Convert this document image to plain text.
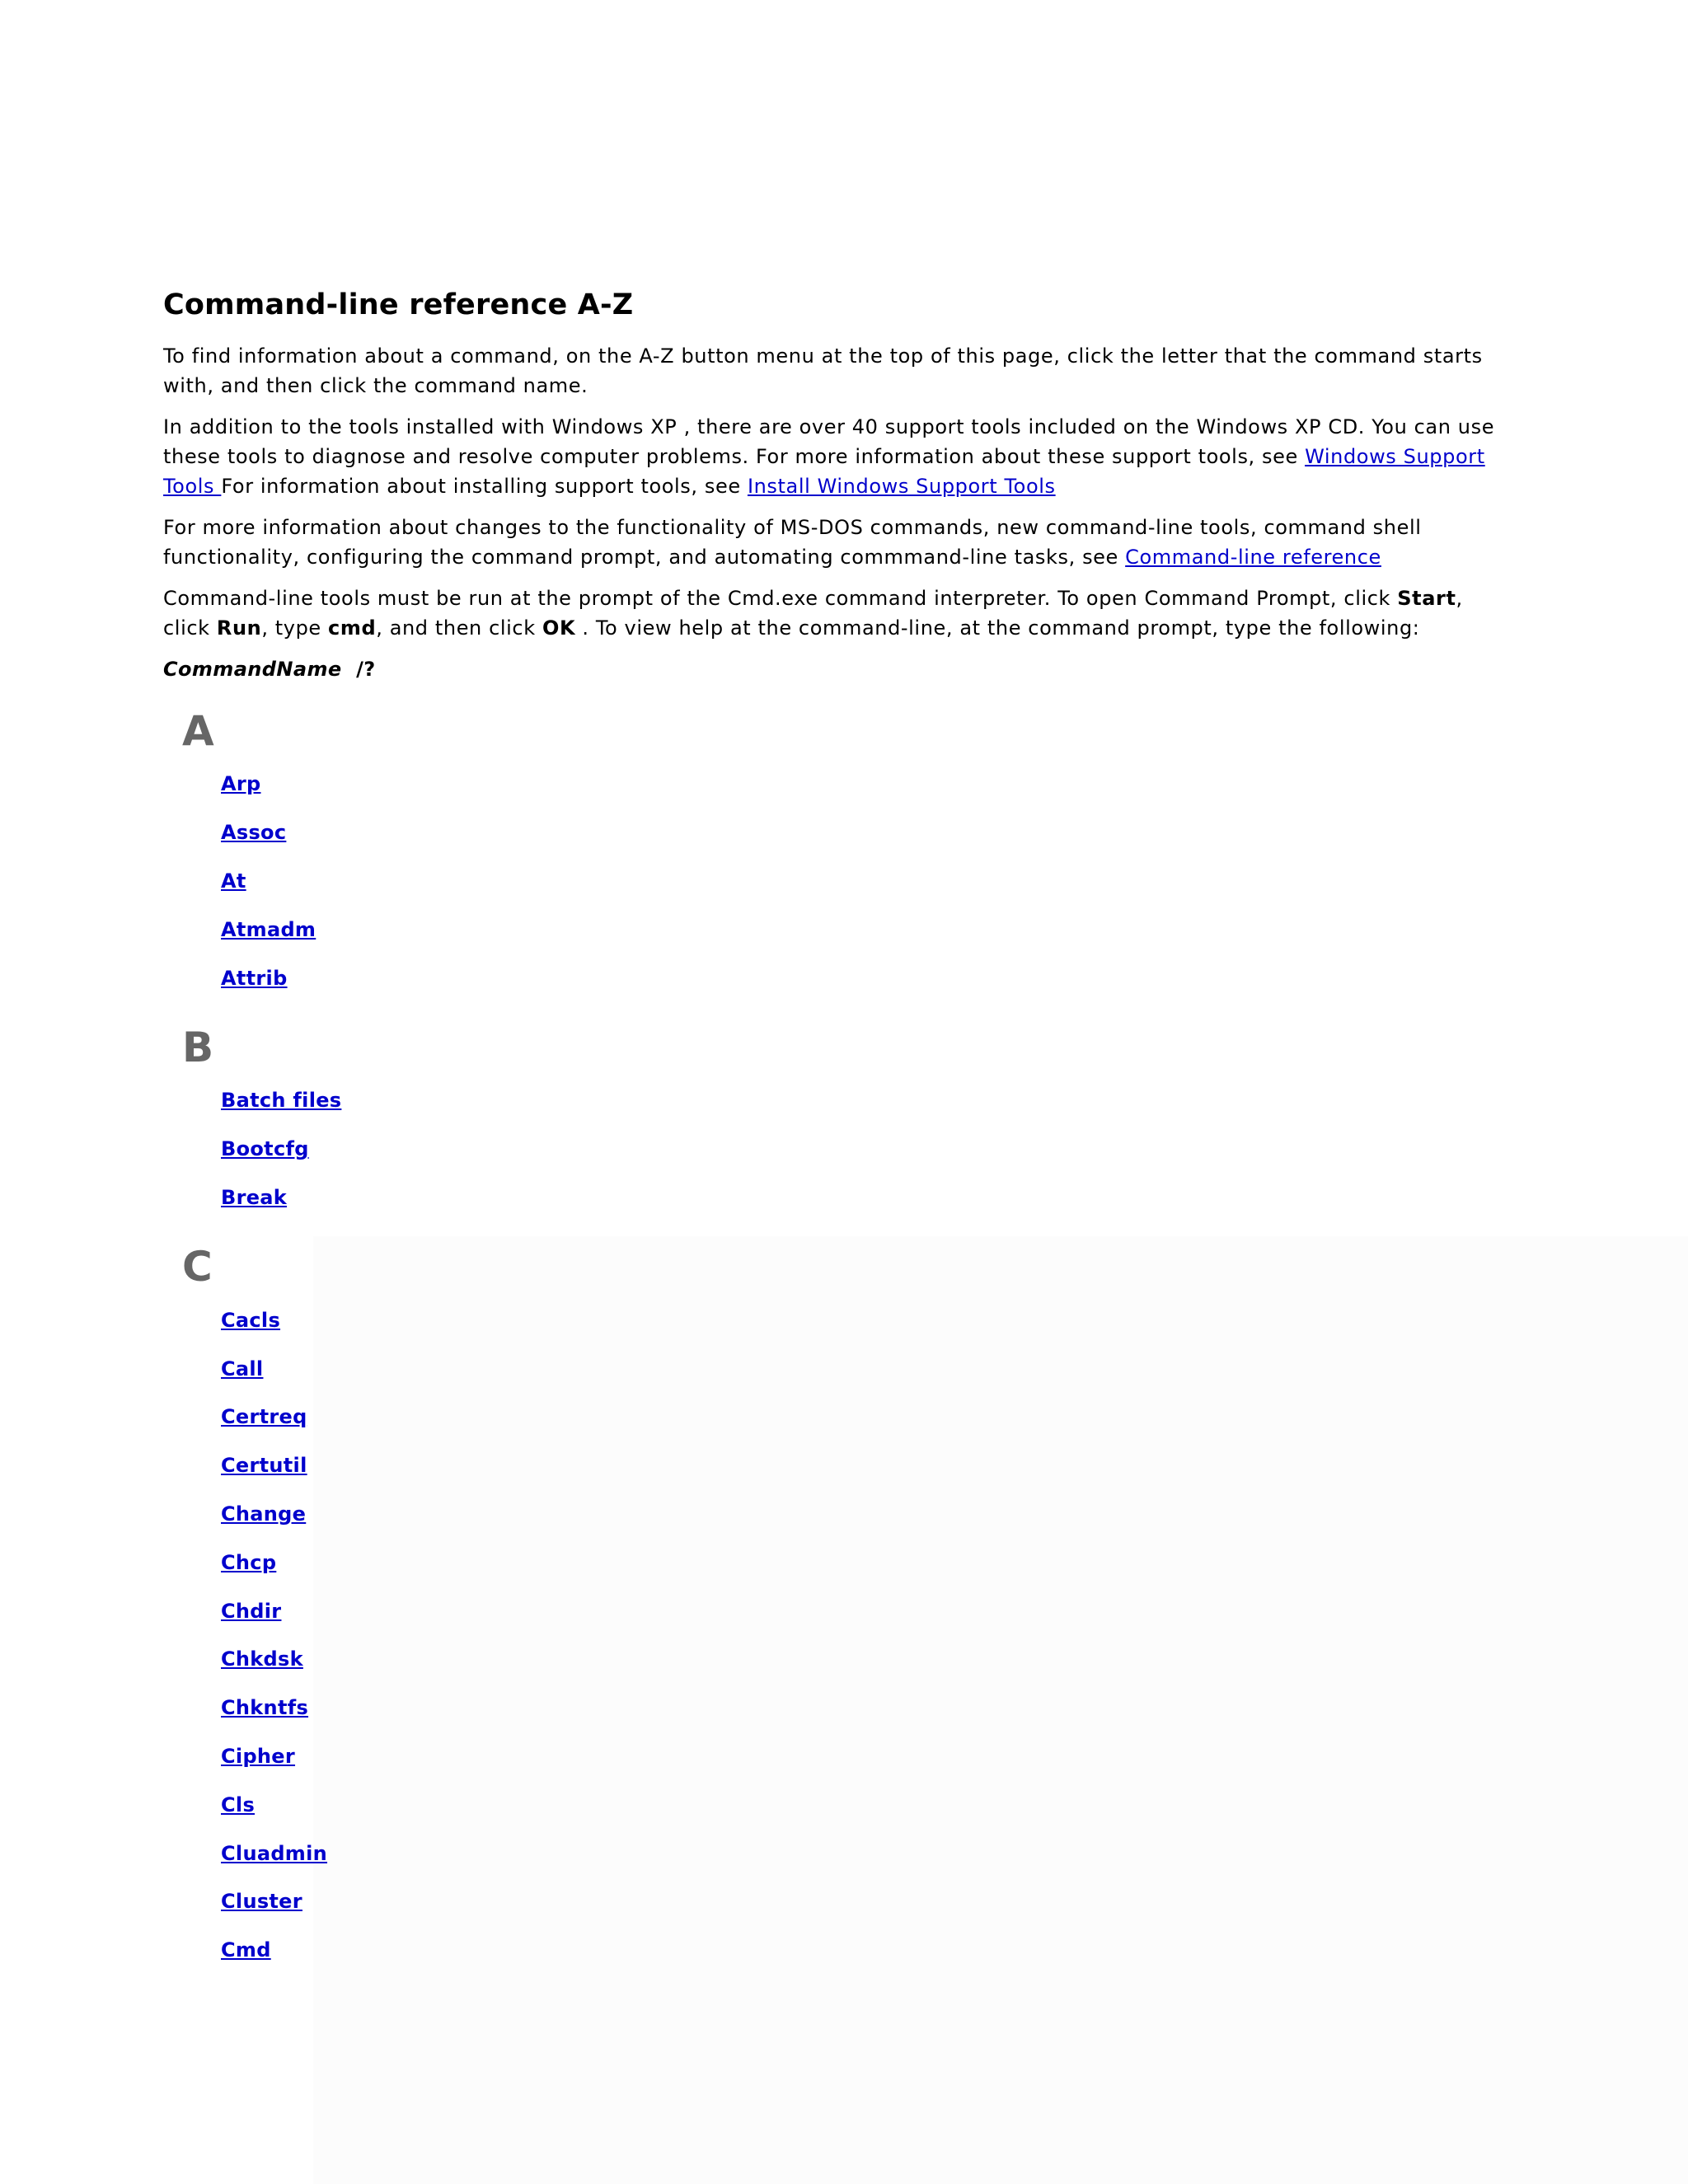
Command-line reference A-Z

To find information about a command, on the A-Z button menu at the top of this page, click the letter that the command starts with, and then click the command name.

In addition to the tools installed with Windows XP , there are over 40 support tools included on the Windows XP CD. You can use these tools to diagnose and resolve computer problems. For more information about these support tools, see Windows Support Tools For information about installing support tools, see Install Windows Support Tools

For more information about changes to the functionality of MS-DOS commands, new command-line tools, command shell functionality, configuring the command prompt, and automating commmand-line tasks, see Command-line reference

Command-line tools must be run at the prompt of the Cmd.exe command interpreter. To open Command Prompt, click Start, click Run, type cmd, and then click OK . To view help at the command-line, at the command prompt, type the following:

CommandName /?
A
Arp
Assoc
At
Atmadm
Attrib
B
Batch files
Bootcfg
Break
C
Cacls
Call
Certreq
Certutil
Change
Chcp
Chdir
Chkdsk
Chkntfs
Cipher
Cls
Cluadmin
Cluster
Cmd
